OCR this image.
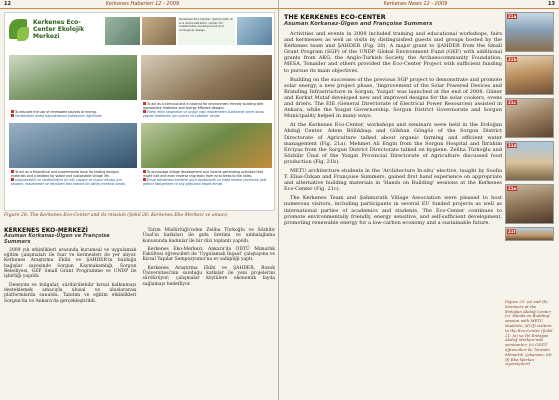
12	Kerkenes Haberleri 12 - 2009
Kerkenes Eco-Center Ekolojik Merkezi
Kerkenes Eco-Center, Şahmuratlı. It is a demonstration center for sustainable development and ecological design.
To educate the use of renewable sources of energy.
Yenilenebilir enerji kaynaklarının kullanımını öğretmek.
To act as a stimulus and a catalyst for environment friendly building with appropriate materials and energy efficient designs.
Enerji etkin tasarımlar ve uygun yapı malzemeleri kullanarak çevre dostu yapılar üretilmesi için uyarıcı ve katalizör olmak.
To act as a theoretical and experimental base for testing designs, materials and a testbed for viable and sustainable village life.
Uygulanabilir ve sürdürülebilir bir köy yaşamı ve uygun altyapı için tasarım, malzemeler ve teknikleri test edecek bir deney merkezi olmak.
To encourage village development and income-generating activities that might halt and even reverse migration from rural areas to the cities.
Kırsal alanlardan kentlere göçü durduracak ve hatta tersine çevirecek gelir getirici faaliyetlere ve köy gelişimini teşvik etmek.
Figure 26: The Kerkenes Eco-Center and its mission (Şekil 26: Kerkenes Eko-Merkezi ve amacı)
KERKENES EKO-MERKEZİ
Asuman Korkanaz-Ülgen ve Françoise Summers

2009 yılı etkinlikleri arasında kurumsal ve uygulamalı eğitim çalışmaları ile fuar ve kermesleri de yer alıyor. Kerkenes Araştırma Ekibi ve ŞAHDER'in bulduğu bağışlar sayesinde Sorgun Kaymakamlığı, Sorgun Belediyesi, GEF Small Grant Programme ve UNDP ile işbirliği yapıldı.

Deneyim ve bulgular, sürdürülebilir kırsal kalkınmayı desteklemek amacıyla ulusal ve uluslararası platformlarda sunuldu. Tanıtım ve eğitim etkinlikleri Sorgun'da ve Ankara'da gerçekleştirildi.

Tarım Müdürlüğü'nden Zeliha Türkoğlu ve Sözbilir Ünal'ın katkıları ile gıda üretimi ve ambalajlama konusunda kadınlar ile bir dizi toplantı yapıldı.

Kerkenes Eko-Merkezi, Ankara'da ODTÜ Mimarlık Fakültesi öğrencileri ile 'Uygulamalı İnşaat' çalıştayına ve Kırsal Yapılar Sempozyumu'na ev sahipliği yaptı.

Kerkenes Araştırma Ekibi ve ŞAHDER, Bozok Üniversitesi'nin sunduğu katkılar ile yeni projelerini sürdürüyor; çalışmalar köylülere ekonomik fayda sağlamayı hedefliyor.

Kerkenes News 12 - 2009	13
THE KERKENES ECO-CENTER
Asuman Korkanaz-Ülgen and Françoise Summers

Activities and events in 2009 included training and educational workshops, fairs and kermesses as well as visits by distinguished guests and groups hosted by the Kerkenes team and ŞAHDER (Fig. 20). A major grant to ŞAHDER from the Small Grant Program (SGP) of the UNDP Global Environment Fund (GEF) with additional grants from AKG, the Anglo-Turkish Society, the Archaeocommunity Foundation, MESA, Tonaider and others provided the Eco-Center Project with sufficient funding to pursue its main objectives.

Building on the successes of the previous SGP project to demonstrate and promote solar energy, a new project phase, 'Improvement of the Solar Powered Devices and Branding Infrastructure in Sorgun, Yozgat' was launched at the end of 2008. Güner and Korkut Mutaf developed new and improved designs for the solar cookers, ovens and driers. The EIE (General Directorate of Electrical Power Resources) assisted in Ankara, while the Yozgat Governorship, Sorgun District Governorate and Sorgun Municipality helped in many ways.

At the Kerkenes Eco-Center, workshops and seminars were held in the Erdoğan Akdağ Center. Adem Bölükbaşı and Gökhan Göngöz of the Sorgun District Directorate of Agriculture talked about organic farming and efficient water management (Fig. 21a). Mehmet Ali Engin from the Sorgun Hospital and İbrahim Erciyas from the Sorgun District Directorate talked on hygiene. Zeliha Türkoğlu and Sözbilir Ünal of the Yozgat Provincial Directorate of Agriculture discussed food production (Fig. 21b).

METU architecture students in the 'Architecture In-situ' elective, taught by Soofia T. Elias-Özkan and Françoise Summers, gained first hand experience on appropriate and alternative building materials in 'Hands on Building' sessions at the Kerkenes Eco-Center (Fig. 21c).

The Kerkenes Team and Şahmuratlı Village Association were pleased to host numerous visitors, including participants in several EU funded projects as well as international parties of academics and students. The Eco-Center continues to promote environmentally friendly, energy sensitive, and self-sufficient development, promoting renewable energy for a low-carbon economy and a sustainable future.

21a
21b
21c
21d
21e
21f
Figure 21: (a) and (b) Seminars at the Erdoğan Akdağ Center; (c) 'Hands on Building' session with METU students; (d)-(f) visitors to the Eco-Center (Şekil 21: (a) ve (b) Erdoğan Akdağ Merkezi'nde seminerler; (c) ODTÜ öğrencileri ile 'Yerinde Mimarlık' çalışması; (d)-(f) Eko-Merkez ziyaretçileri)
